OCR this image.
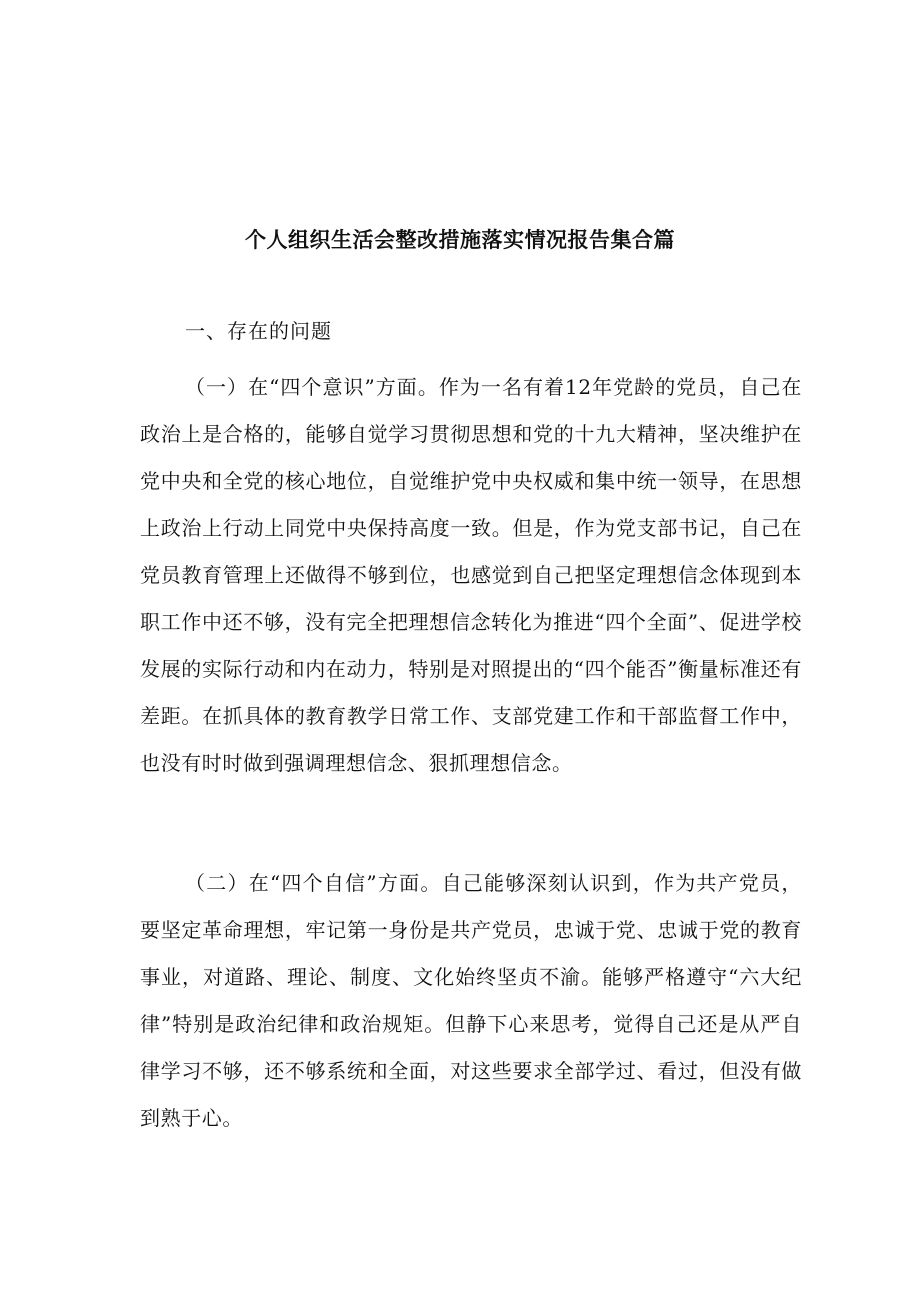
个人组织生活会整改措施落实情况报告集合篇

一、存在的问题

（一）在“四个意识”方面。作为一名有着12年党龄的党员，自己在政治上是合格的，能够自觉学习贯彻思想和党的十九大精神，坚决维护在党中央和全党的核心地位，自觉维护党中央权威和集中统一领导，在思想上政治上行动上同党中央保持高度一致。但是，作为党支部书记，自己在党员教育管理上还做得不够到位，也感觉到自己把坚定理想信念体现到本职工作中还不够，没有完全把理想信念转化为推进“四个全面”、促进学校发展的实际行动和内在动力，特别是对照提出的“四个能否”衡量标准还有差距。在抓具体的教育教学日常工作、支部党建工作和干部监督工作中，也没有时时做到强调理想信念、狠抓理想信念。

（二）在“四个自信”方面。自己能够深刻认识到，作为共产党员，要坚定革命理想，牢记第一身份是共产党员，忠诚于党、忠诚于党的教育事业，对道路、理论、制度、文化始终坚贞不渝。能够严格遵守“六大纪律”特别是政治纪律和政治规矩。但静下心来思考，觉得自己还是从严自律学习不够，还不够系统和全面，对这些要求全部学过、看过，但没有做到熟于心。
